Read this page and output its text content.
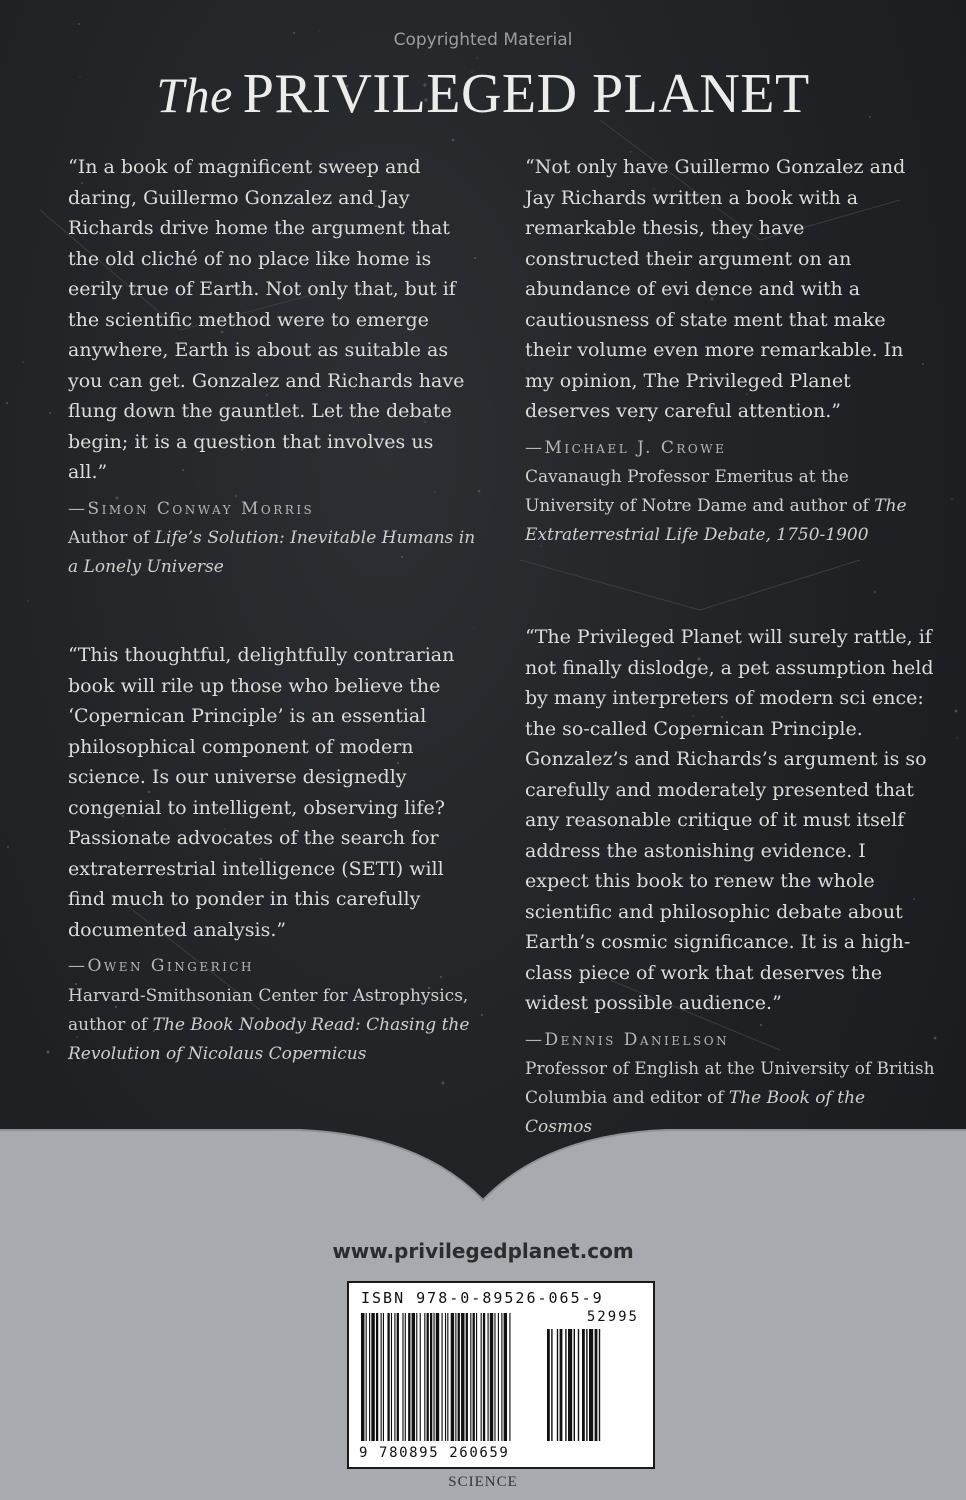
Copyrighted Material
The PRIVILEGED PLANET

“In a book of magnificent sweep and daring, Guillermo Gonzalez and Jay Richards drive home the argument that the old cliché of no place like home is eerily true of Earth. Not only that, but if the scientific method were to emerge anywhere, Earth is about as suitable as you can get. Gonzalez and Richards have flung down the gauntlet. Let the debate begin; it is a question that involves us all.”

—Simon Conway Morris

Author of Life’s Solution: Inevitable Humans in a Lonely Universe

“Not only have Guillermo Gonzalez and Jay Richards written a book with a remarkable thesis, they have constructed their argument on an abundance of evi dence and with a cautiousness of state ment that make their volume even more remarkable. In my opinion, The Privileged Planet deserves very careful attention.”

—Michael J. Crowe

Cavanaugh Professor Emeritus at the University of Notre Dame and author of The Extraterrestrial Life Debate, 1750-1900

“This thoughtful, delightfully contrarian book will rile up those who believe the ‘Copernican Principle’ is an essential philosophical component of modern science. Is our universe designedly congenial to intelligent, observing life? Passionate advocates of the search for extraterrestrial intelligence (SETI) will find much to ponder in this carefully documented analysis.”

—Owen Gingerich

Harvard-Smithsonian Center for Astrophysics, author of The Book Nobody Read: Chasing the Revolution of Nicolaus Copernicus

“The Privileged Planet will surely rattle, if not finally dislodge, a pet assumption held by many interpreters of modern sci ence: the so-called Copernican Principle. Gonzalez’s and Richards’s argument is so carefully and moderately presented that any reasonable critique of it must itself address the astonishing evidence. I expect this book to renew the whole scientific and philosophic debate about Earth’s cosmic significance. It is a high-class piece of work that deserves the widest possible audience.”

—Dennis Danielson

Professor of English at the University of British Columbia and editor of The Book of the Cosmos

www.privilegedplanet.com
ISBN 978-0-89526-065-9
52995
9 780895 260659
SCIENCE
